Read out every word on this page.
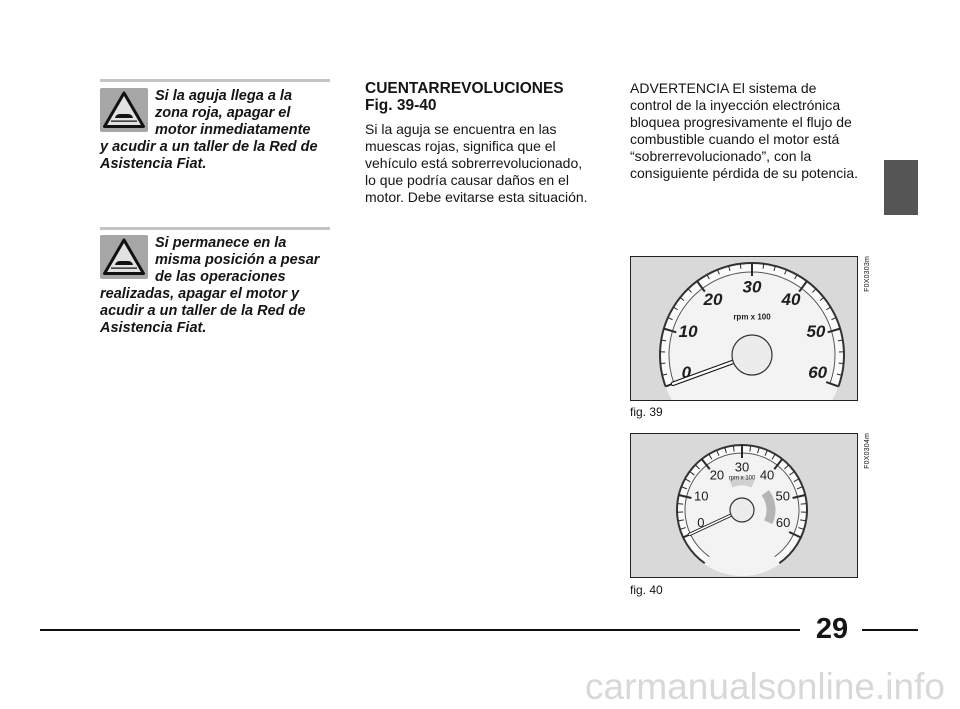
Si la aguja llega a la
zona roja, apagar el
motor inmediatamente
y acudir a un taller de la Red de
Asistencia Fiat.
Si permanece en la
misma posición a pesar
de las operaciones
realizadas, apagar el motor y
acudir a un taller de la Red de
Asistencia Fiat.
CUENTARREVOLUCIONES
Fig. 39-40
Si la aguja se encuentra en las
muescas rojas, significa que el
vehículo está sobrerrevolucionado,
lo que podría causar daños en el
motor. Debe evitarse esta situación.
ADVERTENCIA El sistema de
control de la inyección electrónica
bloquea progresivamente el flujo de
combustible cuando el motor está
“sobrerrevolucionado”, con la
consiguiente pérdida de su potencia.
0
10
20
30
40
50
60
rpm x 100
F0X0303m
fig. 39
0
10
20
30
40
50
60
rpm x 100
F0X0304m
fig. 40
29
carmanualsonline.info
